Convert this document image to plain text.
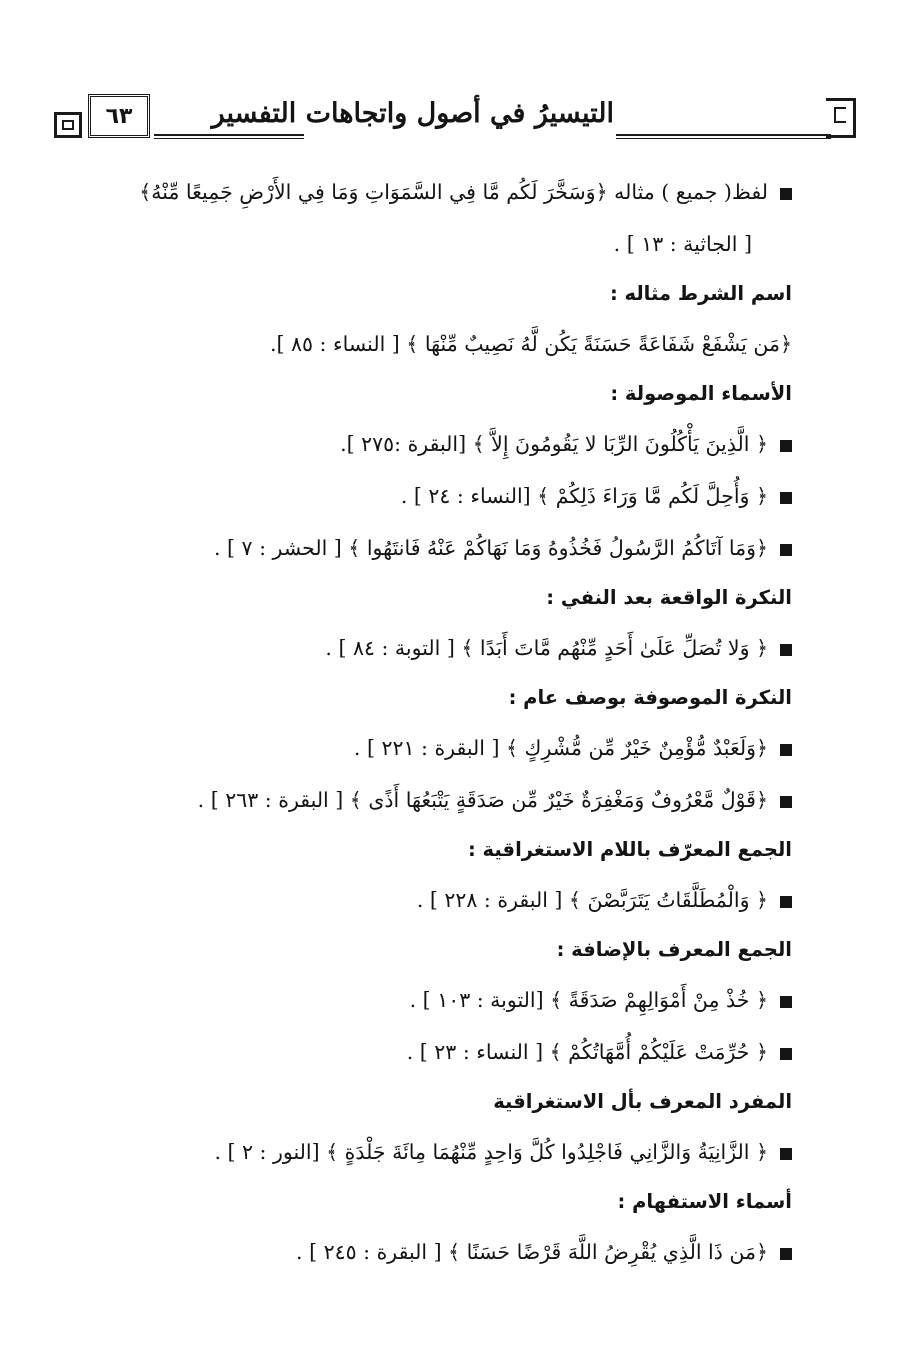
٦٣	التيسيرُ في أصول واتجاهات التفسير
لفظ( جميع ) مثاله ﴿وَسَخَّرَ لَكُم مَّا فِي السَّمَوَاتِ وَمَا فِي الأَرْضِ جَمِيعًا مِّنْهُ﴾
[ الجاثية : ١٣ ] .
اسم الشرط مثاله :
﴿مَن يَشْفَعْ شَفَاعَةً حَسَنَةً يَكُن لَّهُ نَصِيبٌ مِّنْهَا ﴾ [ النساء : ٨٥ ].
الأسماء الموصولة :
﴿ الَّذِينَ يَأْكُلُونَ الرِّبَا لا يَقُومُونَ إِلاَّ ﴾ [البقرة :٢٧٥ ].
﴿ وَأُحِلَّ لَكُم مَّا وَرَاءَ ذَلِكُمْ ﴾ [النساء : ٢٤ ] .
﴿وَمَا آتَاكُمُ الرَّسُولُ فَخُذُوهُ وَمَا نَهَاكُمْ عَنْهُ فَانتَهُوا ﴾ [ الحشر : ٧ ] .
النكرة الواقعة بعد النفي :
﴿ وَلا تُصَلِّ عَلَىٰ أَحَدٍ مِّنْهُم مَّاتَ أَبَدًا ﴾ [ التوبة : ٨٤ ] .
النكرة الموصوفة بوصف عام :
﴿وَلَعَبْدٌ مُّؤْمِنٌ خَيْرٌ مِّن مُّشْرِكٍ ﴾ [ البقرة : ٢٢١ ] .
﴿قَوْلٌ مَّعْرُوفٌ وَمَغْفِرَةٌ خَيْرٌ مِّن صَدَقَةٍ يَتْبَعُهَا أَذًى ﴾ [ البقرة : ٢٦٣ ] .
الجمع المعرّف باللام الاستغراقية :
﴿ وَالْمُطَلَّقَاتُ يَتَرَبَّصْنَ ﴾ [ البقرة : ٢٢٨ ] .
الجمع المعرف بالإضافة :
﴿ خُذْ مِنْ أَمْوَالِهِمْ صَدَقَةً ﴾ [التوبة : ١٠٣ ] .
﴿ حُرِّمَتْ عَلَيْكُمْ أُمَّهَاتُكُمْ ﴾ [ النساء : ٢٣ ] .
المفرد المعرف بأل الاستغراقية
﴿ الزَّانِيَةُ وَالزَّانِي فَاجْلِدُوا كُلَّ وَاحِدٍ مِّنْهُمَا مِائَةَ جَلْدَةٍ ﴾ [النور : ٢ ] .
أسماء الاستفهام :
﴿مَن ذَا الَّذِي يُقْرِضُ اللَّهَ قَرْضًا حَسَنًا ﴾ [ البقرة : ٢٤٥ ] .
